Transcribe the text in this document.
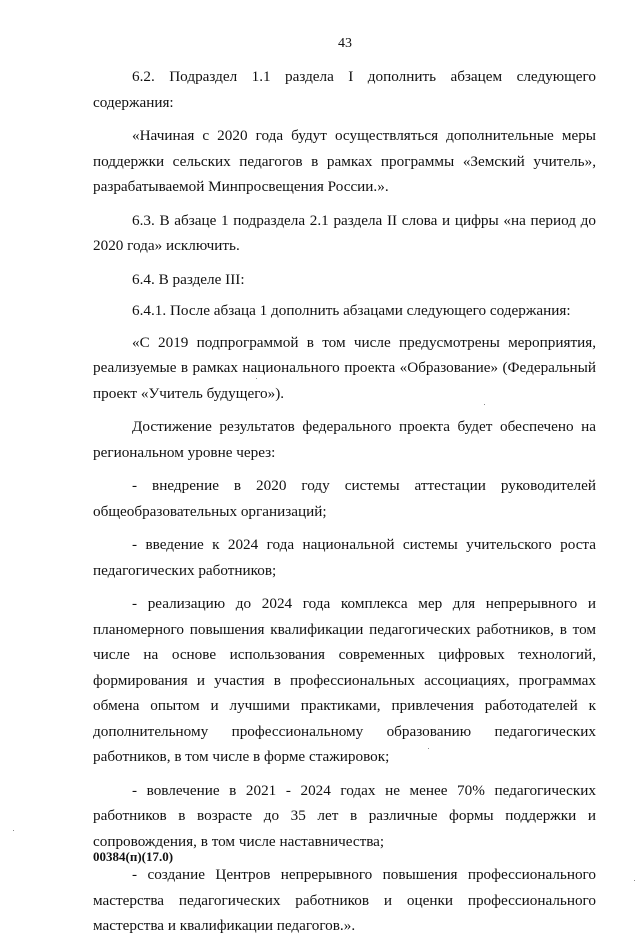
43

6.2. Подраздел 1.1 раздела I дополнить абзацем следующего содержания:

«Начиная с 2020 года будут осуществляться дополнительные меры поддержки сельских педагогов в рамках программы «Земский учитель», разрабатываемой Минпросвещения России.».

6.3. В абзаце 1 подраздела 2.1 раздела II слова и цифры «на период до 2020 года» исключить.

6.4. В разделе III:

6.4.1. После абзаца 1 дополнить абзацами следующего содержания:

«С 2019 подпрограммой в том числе предусмотрены мероприятия, реализуемые в рамках национального проекта «Образование» (Федеральный проект «Учитель будущего»).

Достижение результатов федерального проекта будет обеспечено на региональном уровне через:

- внедрение в 2020 году системы аттестации руководителей общеобразовательных организаций;

- введение к 2024 года национальной системы учительского роста педагогических работников;

- реализацию до 2024 года комплекса мер для непрерывного и планомерного повышения квалификации педагогических работников, в том числе на основе использования современных цифровых технологий, формирования и участия в профессиональных ассоциациях, программах обмена опытом и лучшими практиками, привлечения работодателей к дополнительному профессиональному образованию педагогических работников, в том числе в форме стажировок;

- вовлечение в 2021 - 2024 годах не менее 70% педагогических работников в возрасте до 35 лет в различные формы поддержки и сопровождения, в том числе наставничества;

- создание Центров непрерывного повышения профессионального мастерства педагогических работников и оценки профессионального мастерства и квалификации педагогов.».

00384(п)(17.0)
